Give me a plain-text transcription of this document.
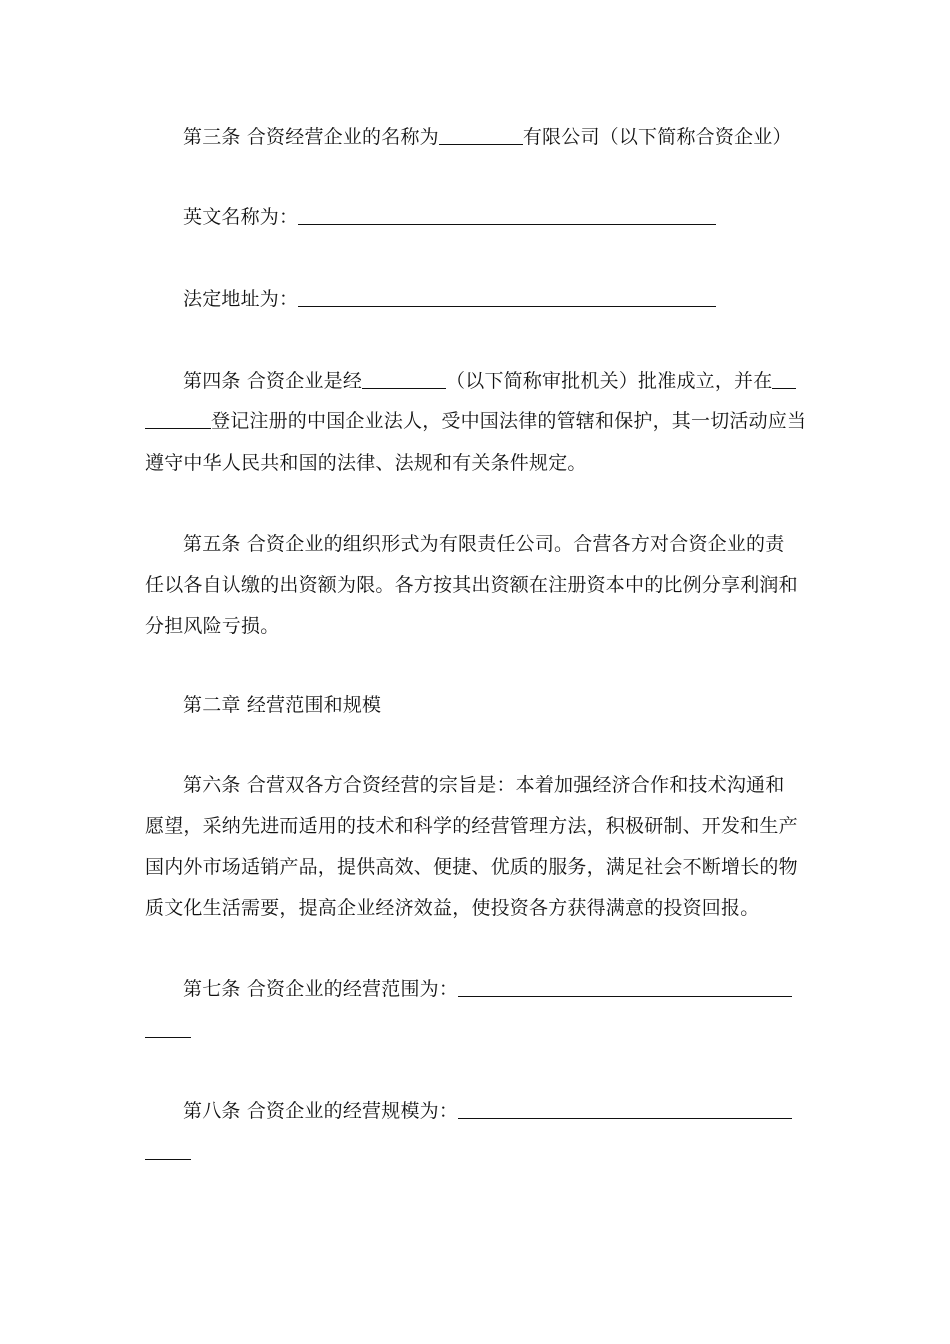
第三条 合资经营企业的名称为	有限公司（以下简称合资企业）
英文名称为：
法定地址为：
第四条 合资企业是经	（以下简称审批机关）批准成立，并在
登记注册的中国企业法人，受中国法律的管辖和保护，其一切活动应当
遵守中华人民共和国的法律、法规和有关条件规定。
第五条 合资企业的组织形式为有限责任公司。合营各方对合资企业的责
任以各自认缴的出资额为限。各方按其出资额在注册资本中的比例分享利润和
分担风险亏损。
第二章 经营范围和规模
第六条 合营双各方合资经营的宗旨是：本着加强经济合作和技术沟通和
愿望，采纳先进而适用的技术和科学的经营管理方法，积极研制、开发和生产
国内外市场适销产品，提供高效、便捷、优质的服务，满足社会不断增长的物
质文化生活需要，提高企业经济效益，使投资各方获得满意的投资回报。
第七条 合资企业的经营范围为：
第八条 合资企业的经营规模为：
